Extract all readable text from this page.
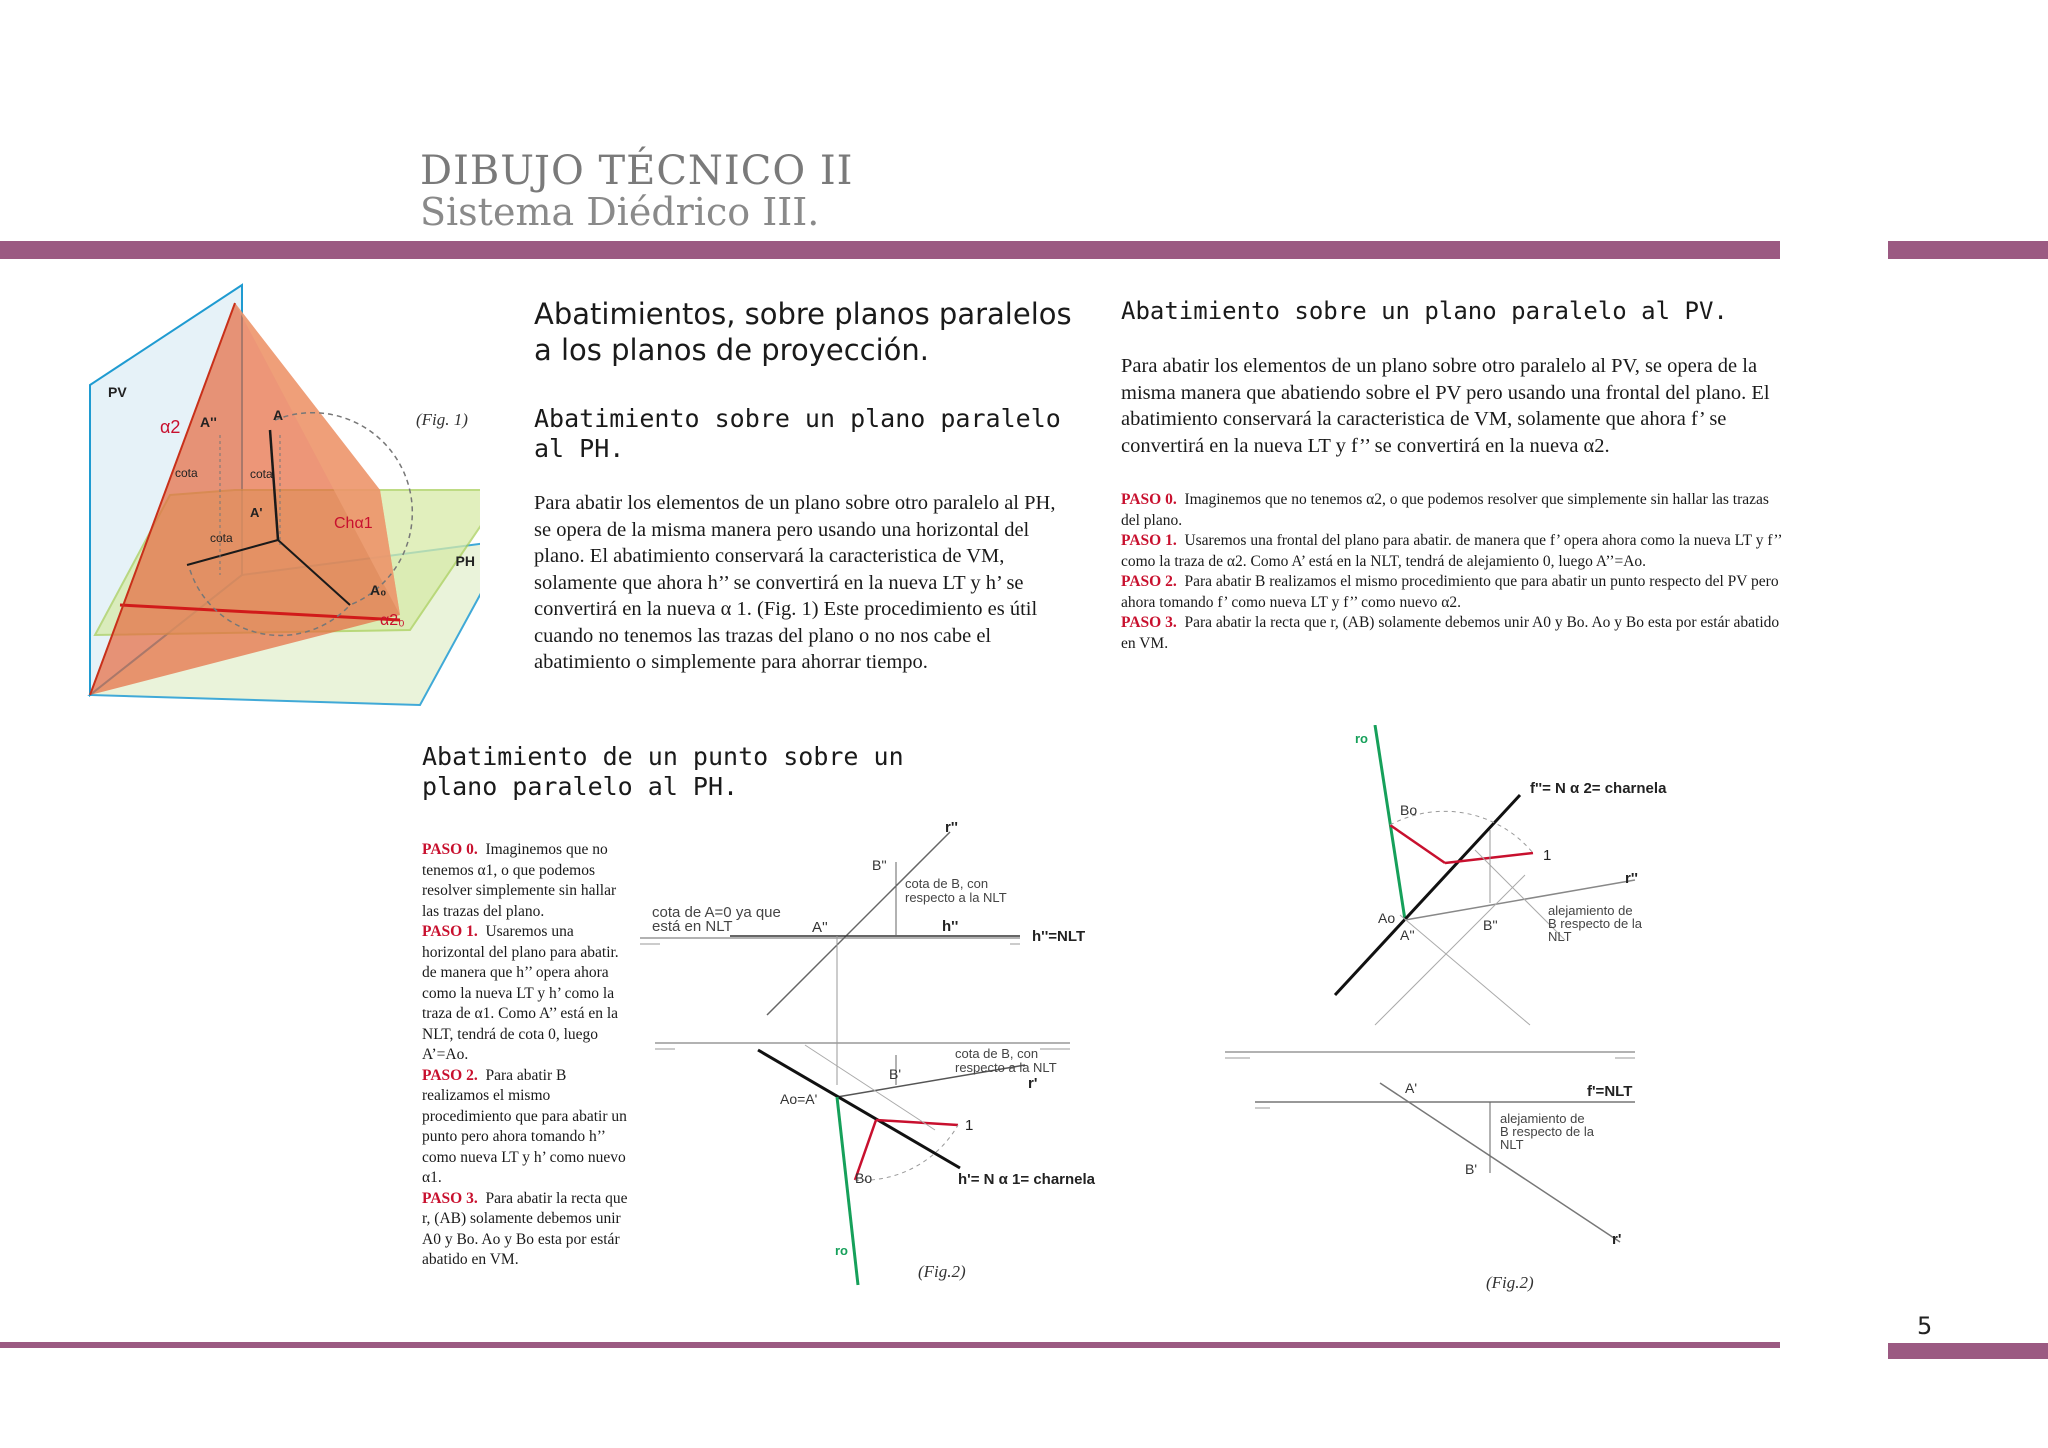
DIBUJO TÉCNICO II
Sistema Diédrico III.
5
PV
PH
α2 A''	A
cota	cota
cota
A'
Chα1
A₀
α2₀
(Fig. 1)
Abatimientos, sobre planos paralelos a los planos de proyección.
Abatimiento sobre un plano paralelo al PH.
Para abatir los elementos de un plano sobre otro paralelo al PH, se opera de la misma manera pero usando una horizontal del plano. El abatimiento conservará la caracteristica de VM, solamente que ahora h’’ se convertirá en la nueva LT y h’ se convertirá en la nueva α 1. (Fig. 1) Este procedimiento es útil cuando no tenemos las trazas del plano o no nos cabe el abatimiento o simplemente para ahorrar tiempo.
Abatimiento sobre un plano paralelo al PV.
Para abatir los elementos de un plano sobre otro paralelo al PV, se opera de la misma manera que abatiendo sobre el PV pero usando una frontal del plano. El abatimiento conservará la caracteristica de VM, solamente que ahora f’ se convertirá en la nueva LT y f’’ se convertirá en la nueva α2.
PASO 0. Imaginemos que no tenemos α2, o que podemos resolver que simplemente sin hallar las trazas del plano.
PASO 1. Usaremos una frontal del plano para abatir. de manera que f’ opera ahora como la nueva LT y f’’ como la traza de α2. Como A’ está en la NLT, tendrá de alejamiento 0, luego A’’=Ao.
PASO 2. Para abatir B realizamos el mismo procedimiento que para abatir un punto respecto del PV pero ahora tomando f’ como nueva LT y f’’ como nuevo α2.
PASO 3. Para abatir la recta que r, (AB) solamente debemos unir A0 y Bo. Ao y Bo esta por estár abatido en VM.
Abatimiento de un punto sobre un plano paralelo al PH.
PASO 0. Imaginemos que no tenemos α1, o que podemos resolver simplemente sin hallar las trazas del plano.
PASO 1. Usaremos una horizontal del plano para abatir. de manera que h’’ opera ahora como la nueva LT y h’ como la traza de α1. Como A’’ está en la NLT, tendrá de cota 0, luego A’=Ao.
PASO 2. Para abatir B realizamos el mismo procedimiento que para abatir un punto pero ahora tomando h’’ como nueva LT y h’ como nuevo α1.
PASO 3. Para abatir la recta que r, (AB) solamente debemos unir A0 y Bo. Ao y Bo esta por estár abatido en VM.
r''
B''
cota de B, con
respecto a la NLT
cota de A=0 ya que
está en NLT	A''	h''
h''=NLT
cota de B, con
respecto a la NLT
B'
r'
Ao=A'
1
Bo	h'= N α 1= charnela
ro
(Fig.2)
ro
f''= N α 2= charnela
Bo
1
r''
Ao
A''
B''
alejamiento de
B respecto de la
NLT
A'	f'=NLT
alejamiento de
B respecto de la
NLT
B'
r'
(Fig.2)
